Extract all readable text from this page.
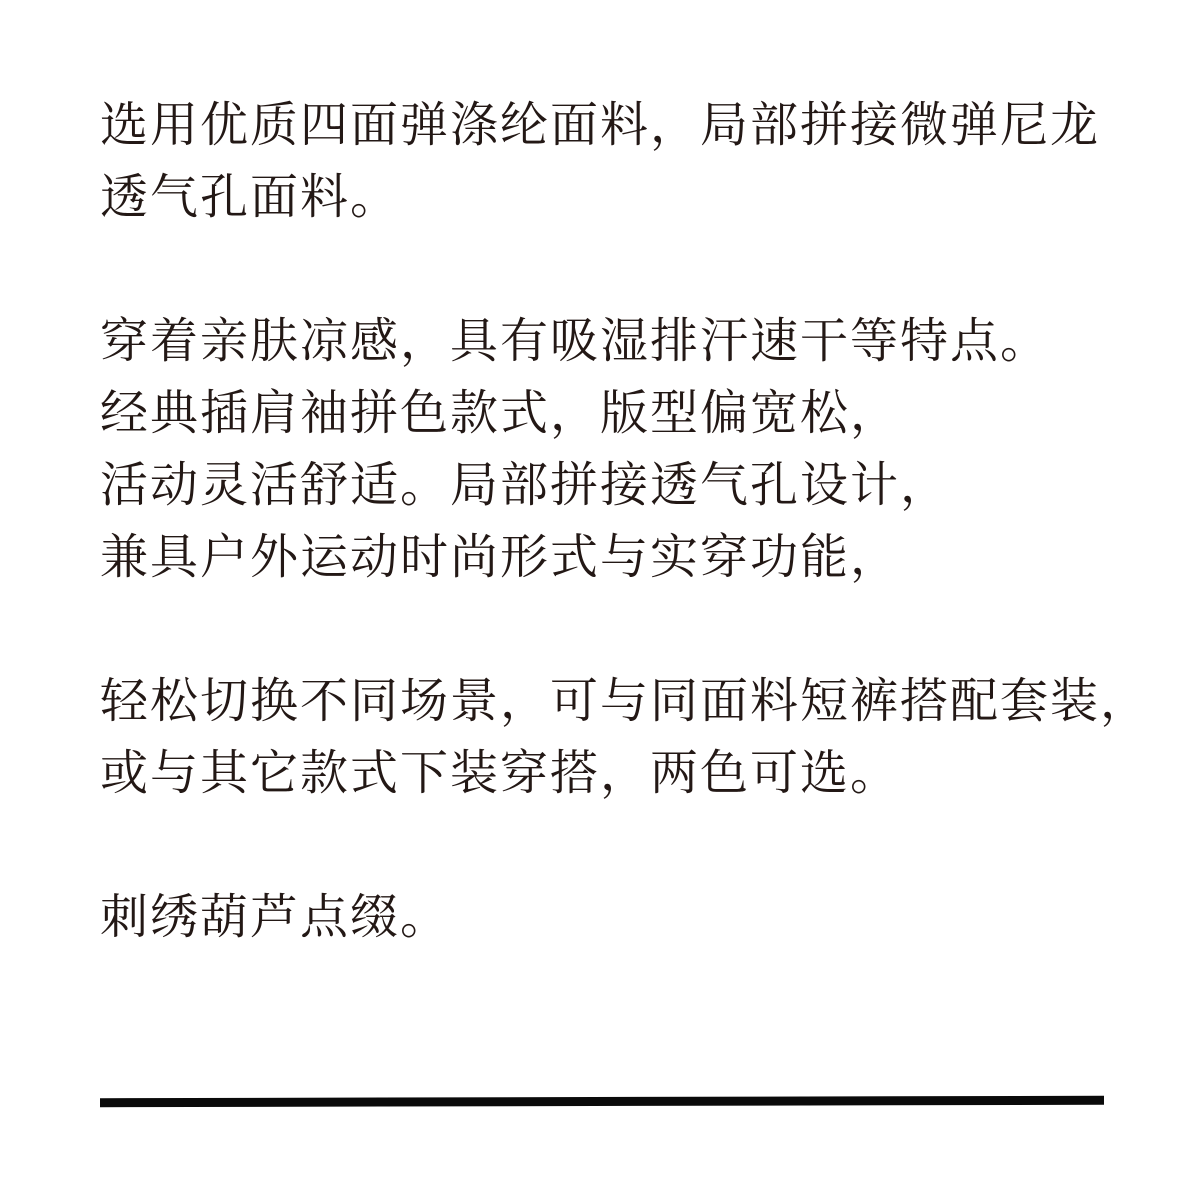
选用优质四面弹涤纶面料，局部拼接微弹尼龙
透气孔面料。

穿着亲肤凉感，具有吸湿排汗速干等特点。
经典插肩袖拼色款式，版型偏宽松，
活动灵活舒适。局部拼接透气孔设计，
兼具户外运动时尚形式与实穿功能，

轻松切换不同场景，可与同面料短裤搭配套装，
或与其它款式下装穿搭，两色可选。

刺绣葫芦点缀。
